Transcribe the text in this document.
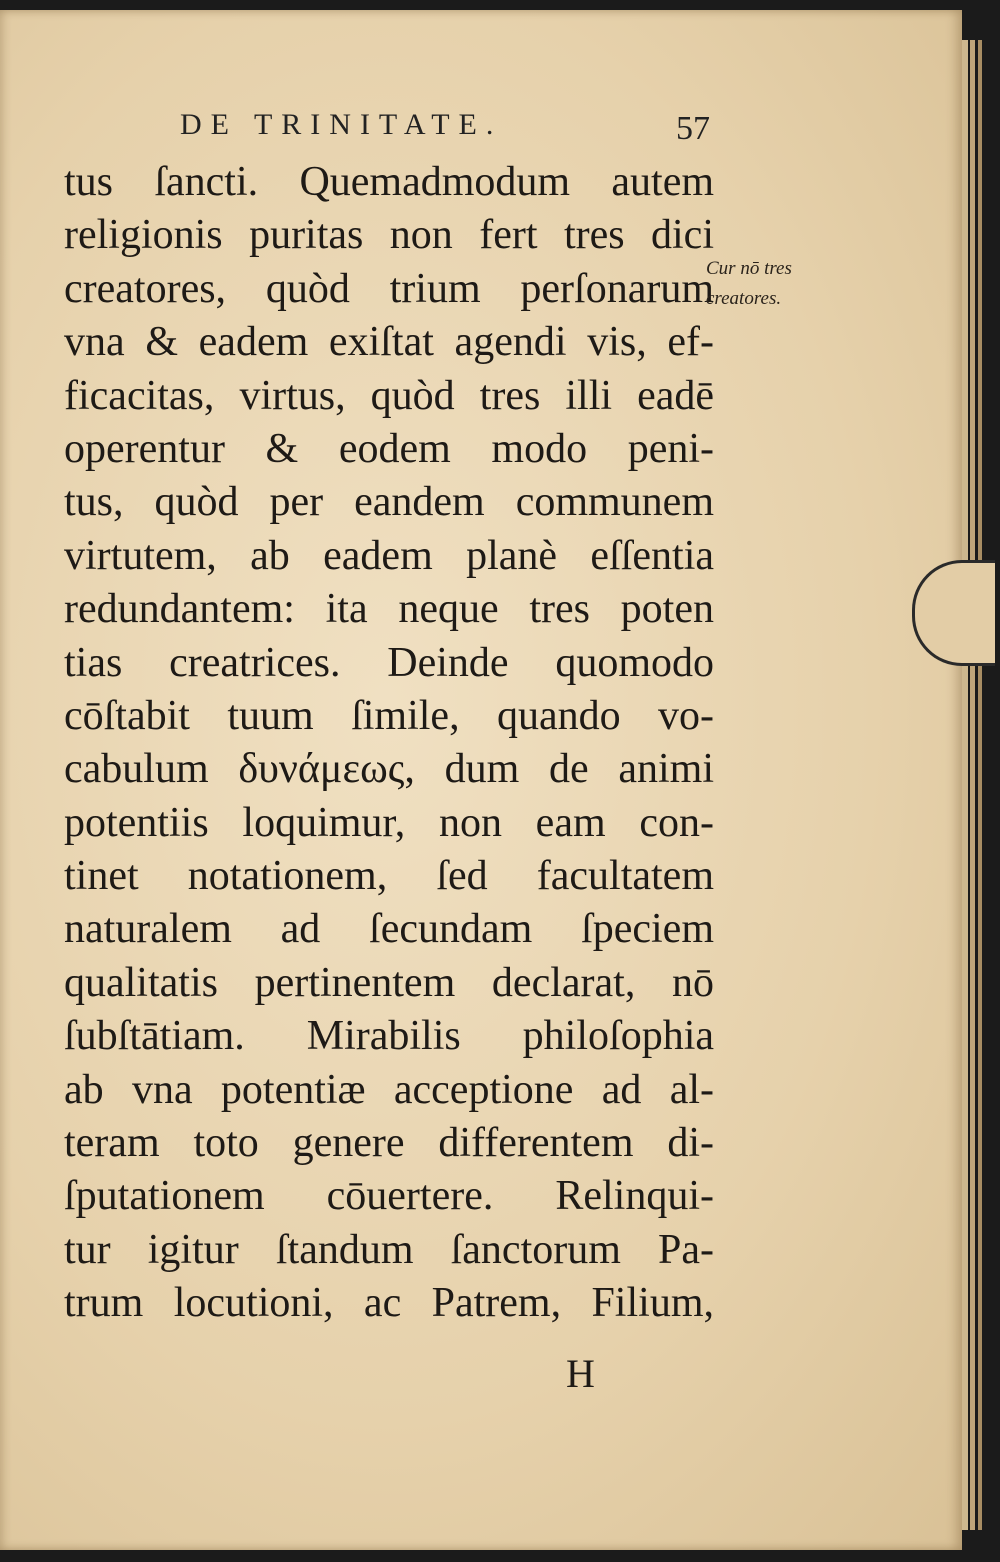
DE TRINITATE.	57
tus ſancti. Quemadmodum autem
religionis puritas non fert tres dici
creatores, quòd trium perſonarum
vna & eadem exiſtat agendi vis, ef-
ficacitas, virtus, quòd tres illi eadē
operentur & eodem modo peni-
tus, quòd per eandem communem
virtutem, ab eadem planè eſſentia
redundantem: ita neque tres poten
tias creatrices. Deinde quomodo
cōſtabit tuum ſimile, quando vo-
cabulum δυνάμεως, dum de animi
potentiis loquimur, non eam con-
tinet notationem, ſed facultatem
naturalem ad ſecundam ſpeciem
qualitatis pertinentem declarat, nō
ſubſtātiam. Mirabilis philoſophia
ab vna potentiæ acceptione ad al-
teram toto genere differentem di-
ſputationem cōuertere. Relinqui-
tur igitur ſtandum ſanctorum Pa-
trum locutioni, ac Patrem, Filium,
Cur nō tres
creatores.
H
